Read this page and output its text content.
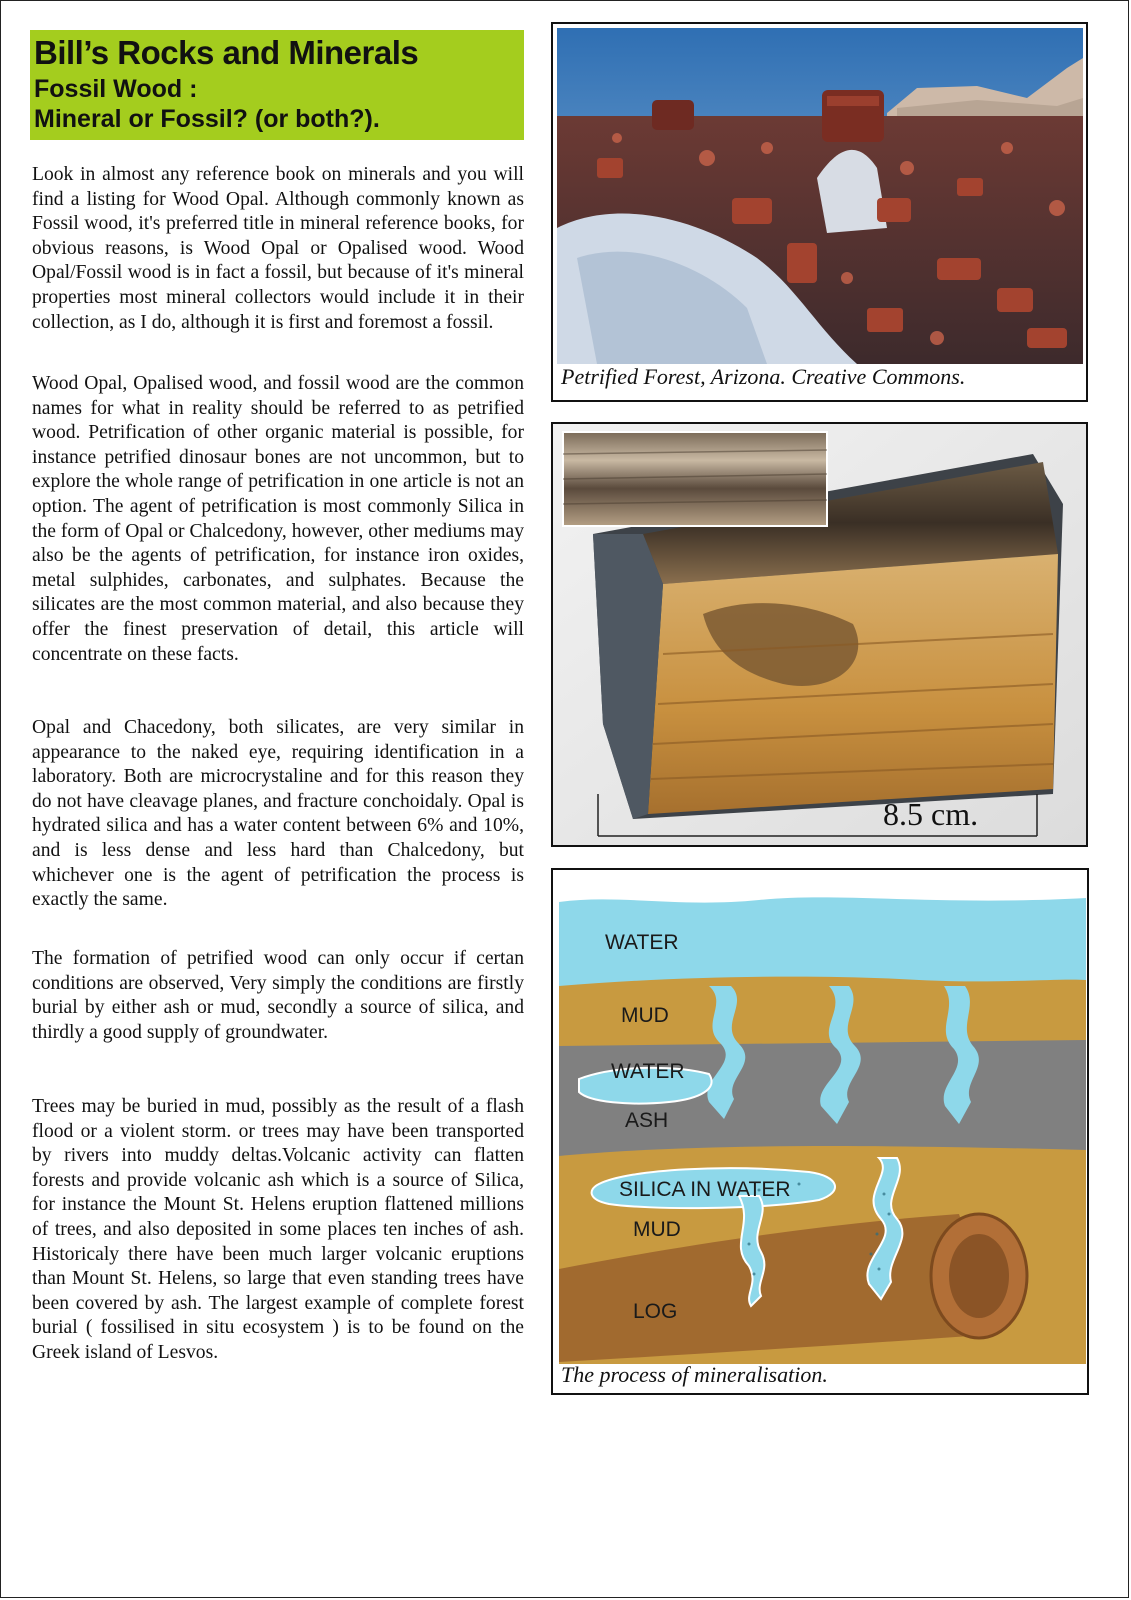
Bill’s Rocks and Minerals
Fossil Wood :
Mineral or Fossil? (or both?).

Look in almost any reference book on minerals and you will find a listing for Wood Opal. Although commonly known as Fossil wood, it's preferred title in mineral reference books, for obvious reasons, is Wood Opal or Opalised wood. Wood Opal/Fossil wood is in fact a fossil, but because of it's mineral properties most mineral collectors would include it in their collection, as I do, although it is first and foremost a fossil.

Wood Opal, Opalised wood, and fossil wood are the common names for what in reality should be referred to as petrified wood. Petrification of other organic material is possible, for instance petrified dinosaur bones are not uncommon, but to explore the whole range of petrification in one article is not an option. The agent of petrification is most commonly Silica in the form of Opal or Chalcedony, however, other mediums may also be the agents of petrification, for instance iron oxides, metal sulphides, carbonates, and sulphates. Because the silicates are the most common material, and also because they offer the finest preservation of detail, this article will concentrate on these facts.

Opal and Chacedony, both silicates, are very similar in appearance to the naked eye, requiring identification in a laboratory. Both are microcrystaline and for this reason they do not have cleavage planes, and fracture conchoidaly. Opal is hydrated silica and has a water content between 6% and 10%, and is less dense and less hard than Chalcedony, but whichever one is the agent of petrification the process is exactly the same.

The formation of petrified wood can only occur if certan conditions are observed, Very simply the conditions are firstly burial by either ash or mud, secondly a source of silica, and thirdly a good supply of groundwater.

Trees may be buried in mud, possibly as the result of a flash flood or a violent storm. or trees may have been transported by rivers into muddy deltas.Volcanic activity can flatten forests and provide volcanic ash which is a source of Silica, for instance the Mount St. Helens eruption flattened millions of trees, and also deposited in some places ten inches of ash. Historicaly there have been much larger volcanic eruptions than Mount St. Helens, so large that even standing trees have been covered by ash. The largest example of complete forest burial ( fossilised in situ ecosystem ) is to be found on the Greek island of Lesvos.

Petrified Forest, Arizona. Creative Commons.
8.5 cm.
WATER
MUD
WATER
ASH
SILICA IN WATER
MUD
LOG
The process of mineralisation.
